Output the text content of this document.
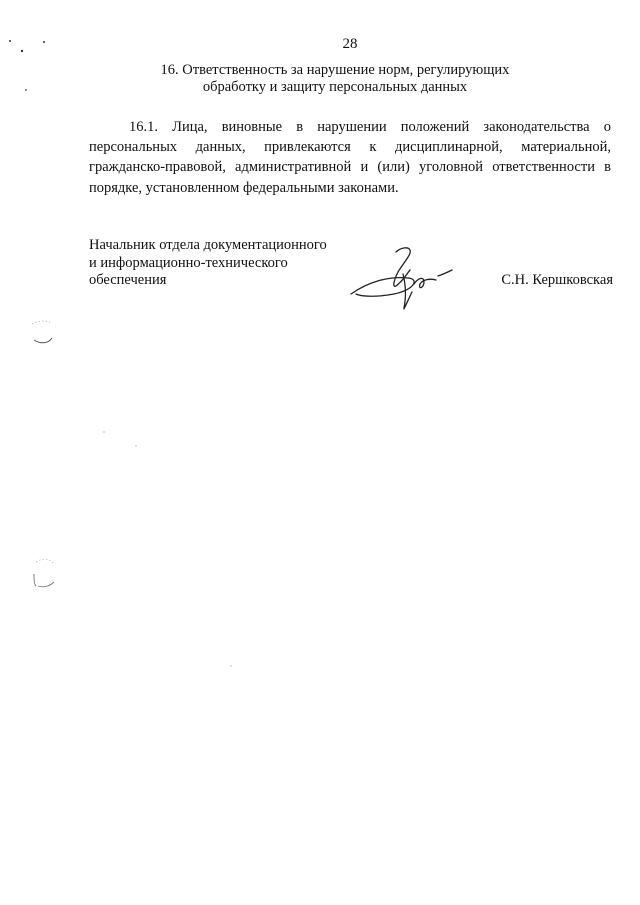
28
16. Ответственность за нарушение норм, регулирующих
обработку и защиту персональных данных
16.1. Лица, виновные в нарушении положений законодательства о персональных данных, привлекаются к дисциплинарной, материальной, гражданско-правовой, административной и (или) уголовной ответственности в порядке, установленном федеральными законами.
Начальник отдела документационного
и информационно-технического
обеспечения	С.Н. Кершковская
